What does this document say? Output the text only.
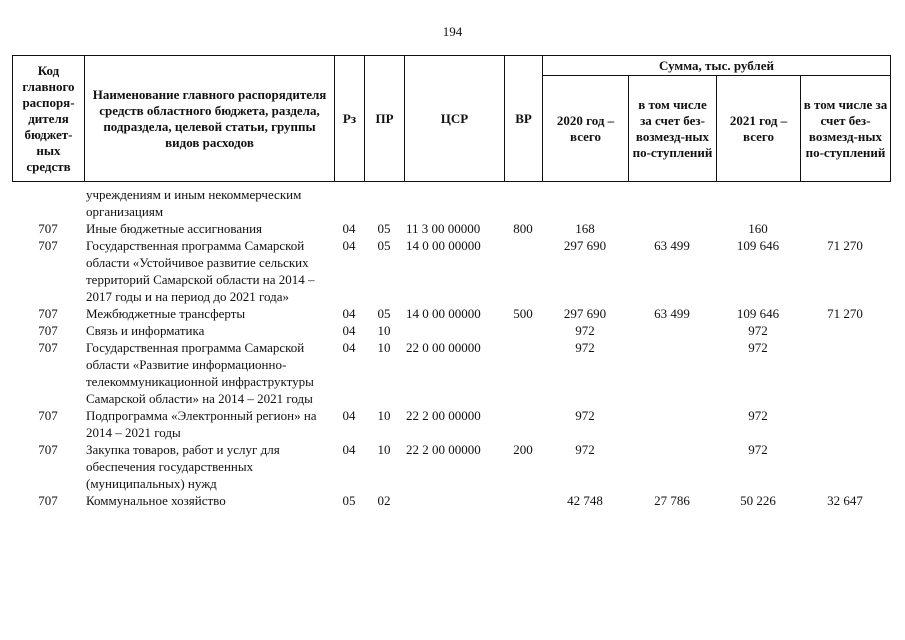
194
Код главного распоря-дителя бюджет-ных средств	Наименование главного распорядителя средств областного бюджета, раздела, подраздела, целевой статьи, группы видов расходов	Рз	ПР	ЦСР	ВР	Сумма, тыс. рублей			
						2020 год – всего	в том числе за счет без-возмезд-ных по-ступлений	2021 год – всего	в том числе за счет без-возмезд-ных по-ступлений
	учреждениям и иным некоммерческим организациям								
707	Иные бюджетные ассигнования	04	05	11 3 00 00000	800	168		160	
707	Государственная программа Самарской области «Устойчивое развитие сельских территорий Самарской области на 2014 – 2017 годы и на период до 2021 года»	04	05	14 0 00 00000		297 690	63 499	109 646	71 270
707	Межбюджетные трансферты	04	05	14 0 00 00000	500	297 690	63 499	109 646	71 270
707	Связь и информатика	04	10			972		972	
707	Государственная программа Самарской области «Развитие информационно-телекоммуникационной инфраструктуры Самарской области» на 2014 – 2021 годы	04	10	22 0 00 00000		972		972	
707	Подпрограмма «Электронный регион» на 2014 – 2021 годы	04	10	22 2 00 00000		972		972	
707	Закупка товаров, работ и услуг для обеспечения государственных (муниципальных) нужд	04	10	22 2 00 00000	200	972		972	
707	Коммунальное хозяйство	05	02			42 748	27 786	50 226	32 647
